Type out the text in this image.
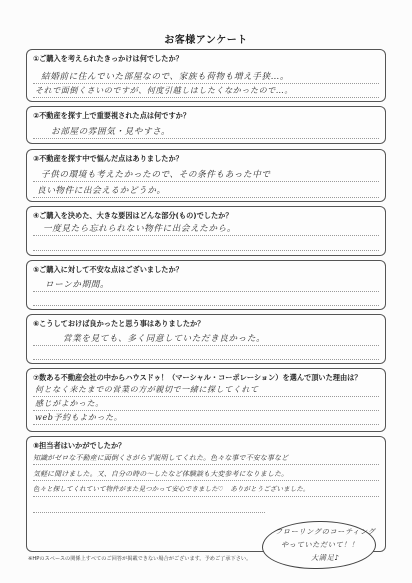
お客様アンケート
①ご購入を考えられたきっかけは何でしたか？
結婚前に住んでいた部屋なので、家族も荷物も増え手狭…。
それで面倒くさいのですが、何度引越しはしたくなかったので…。
②不動産を探す上で重要視された点は何ですか？
お部屋の雰囲気・見やすさ。
③不動産を探す中で悩んだ点はありましたか？
子供の環境も考えたかったので、その条件もあった中で
良い物件に出会えるかどうか。
④ご購入を決めた、大きな要因はどんな部分(もの)でしたか？
一度見たら忘れられない物件に出会えたから。
⑤ご購入に対して不安な点はございましたか？
ローンか期間。
⑥こうしておけば良かったと思う事はありましたか？
営業を見ても、多く同意していただき良かった。
⑦数ある不動産会社の中からハウスドゥ！（マーシャル・コーポレーション）を選んで頂いた理由は？
何となく来たまでの営業の方が親切で一緒に探してくれて
感じがよかった。
web予約もよかった。
⑧担当者はいかがでしたか？
知識がゼロな不動産に面倒くさがらず説明してくれた。色々な事で不安な事など
気軽に聞けました。又、自分の時の～したなど体験談も大変参考になりました。
色々と探してくれていて物件がまた見つかって安心できました♡　ありがとうございました。
フローリングのコーティング
やっていただいて！！
大満足♪
※HPのスペースの関係上すべてのご回答が掲載できない場合がございます。予めご了承下さい。
